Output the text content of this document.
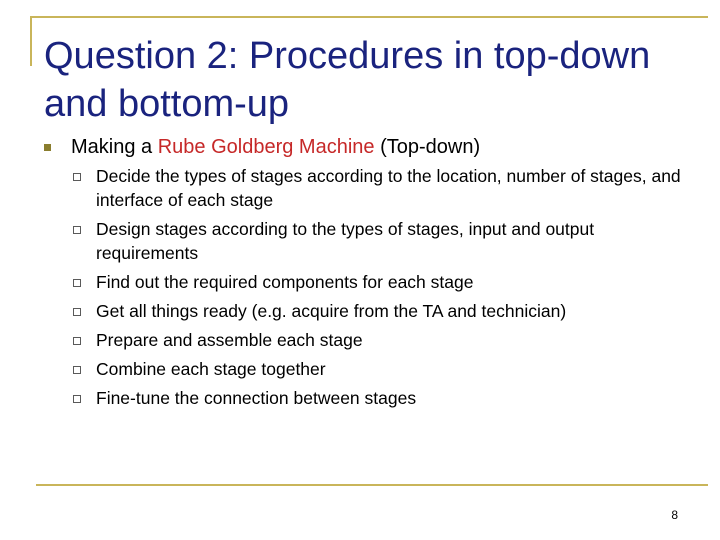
Question 2: Procedures in top-down and bottom-up
Making a Rube Goldberg Machine (Top-down)
Decide the types of stages according to the location, number of stages, and interface of each stage
Design stages according to the types of stages, input and output requirements
Find out the required components for each stage
Get all things ready (e.g. acquire from the TA and technician)
Prepare and assemble each stage
Combine each stage together
Fine-tune the connection between stages
8
